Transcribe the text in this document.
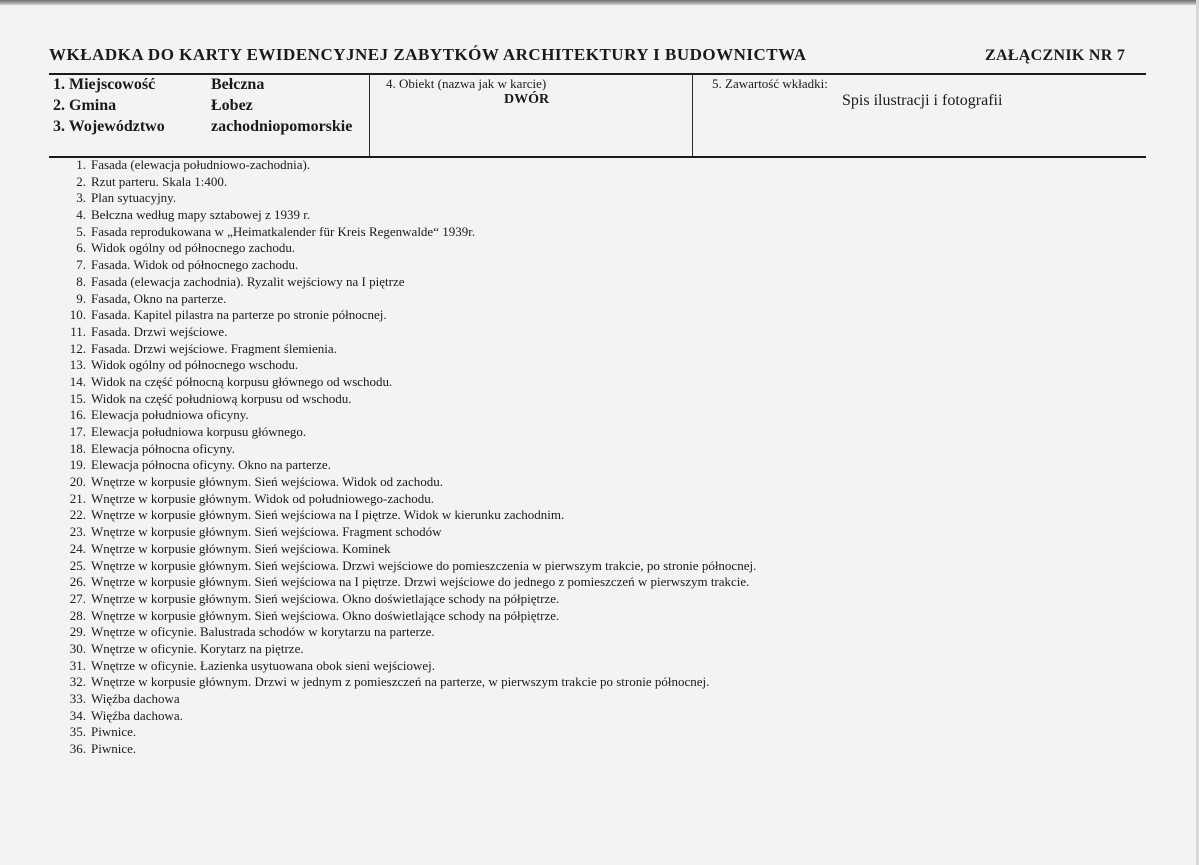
WKŁADKA DO KARTY EWIDENCYJNEJ ZABYTKÓW ARCHITEKTURY I BUDOWNICTWA	ZAŁĄCZNIK NR 7
1. Miejscowość	Bełczna
2. Gmina	Łobez
3. Województwo	zachodniopomorskie
4. Obiekt (nazwa jak w karcie)
DWÓR
5. Zawartość wkładki:
Spis ilustracji i fotografii
1. Fasada (elewacja południowo-zachodnia).
2. Rzut parteru. Skala 1:400.
3. Plan sytuacyjny.
4. Bełczna według mapy sztabowej z 1939 r.
5. Fasada reprodukowana w „Heimatkalender für Kreis Regenwalde“ 1939r.
6. Widok ogólny od północnego zachodu.
7. Fasada. Widok od północnego zachodu.
8. Fasada (elewacja zachodnia). Ryzalit wejściowy na I piętrze
9. Fasada, Okno na parterze.
10. Fasada. Kapitel pilastra na parterze po stronie północnej.
11. Fasada. Drzwi wejściowe.
12. Fasada. Drzwi wejściowe. Fragment ślemienia.
13. Widok ogólny od północnego wschodu.
14. Widok na część północną korpusu głównego od wschodu.
15. Widok na część południową korpusu od wschodu.
16. Elewacja południowa oficyny.
17. Elewacja południowa korpusu głównego.
18. Elewacja północna oficyny.
19. Elewacja północna oficyny. Okno na parterze.
20. Wnętrze w korpusie głównym. Sień wejściowa. Widok od zachodu.
21. Wnętrze w korpusie głównym. Widok od południowego-zachodu.
22. Wnętrze w korpusie głównym. Sień wejściowa na I piętrze. Widok w kierunku zachodnim.
23. Wnętrze w korpusie głównym. Sień wejściowa. Fragment schodów
24. Wnętrze w korpusie głównym. Sień wejściowa. Kominek
25. Wnętrze w korpusie głównym. Sień wejściowa. Drzwi wejściowe do pomieszczenia w pierwszym trakcie, po stronie północnej.
26. Wnętrze w korpusie głównym. Sień wejściowa na I piętrze. Drzwi wejściowe do jednego z pomieszczeń w pierwszym trakcie.
27. Wnętrze w korpusie głównym. Sień wejściowa. Okno doświetlające schody na półpiętrze.
28. Wnętrze w korpusie głównym. Sień wejściowa. Okno doświetlające schody na półpiętrze.
29. Wnętrze w oficynie. Balustrada schodów w korytarzu na parterze.
30. Wnętrze w oficynie. Korytarz na piętrze.
31. Wnętrze w oficynie. Łazienka usytuowana obok sieni wejściowej.
32. Wnętrze w korpusie głównym. Drzwi w jednym z pomieszczeń na parterze, w pierwszym trakcie po stronie północnej.
33. Więźba dachowa
34. Więźba dachowa.
35. Piwnice.
36. Piwnice.
